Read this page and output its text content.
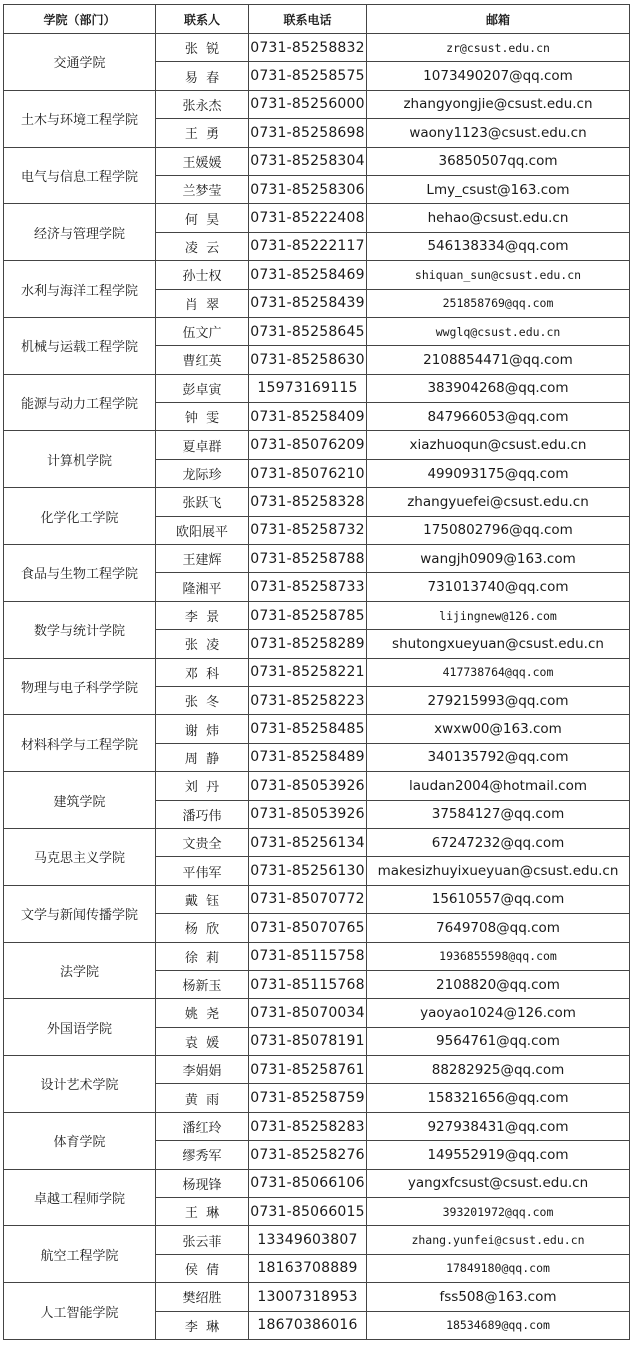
学院（部门）	联系人	联系电话	邮箱
交通学院	张  锐	0731-85258832	zr@csust.edu.cn
	易  春	0731-85258575	1073490207@qq.com
土木与环境工程学院	张永杰	0731-85256000	zhangyongjie@csust.edu.cn
	王  勇	0731-85258698	waony1123@csust.edu.cn
电气与信息工程学院	王媛媛	0731-85258304	36850507qq.com
	兰梦莹	0731-85258306	Lmy_csust@163.com
经济与管理学院	何  昊	0731-85222408	hehao@csust.edu.cn
	凌  云	0731-85222117	546138334@qq.com
水利与海洋工程学院	孙士权	0731-85258469	shiquan_sun@csust.edu.cn
	肖  翠	0731-85258439	251858769@qq.com
机械与运载工程学院	伍文广	0731-85258645	wwglq@csust.edu.cn
	曹红英	0731-85258630	2108854471@qq.com
能源与动力工程学院	彭卓寅	15973169115	383904268@qq.com
	钟  雯	0731-85258409	847966053@qq.com
计算机学院	夏卓群	0731-85076209	xiazhuoqun@csust.edu.cn
	龙际珍	0731-85076210	499093175@qq.com
化学化工学院	张跃飞	0731-85258328	zhangyuefei@csust.edu.cn
	欧阳展平	0731-85258732	1750802796@qq.com
食品与生物工程学院	王建辉	0731-85258788	wangjh0909@163.com
	隆湘平	0731-85258733	731013740@qq.com
数学与统计学院	李  景	0731-85258785	lijingnew@126.com
	张  凌	0731-85258289	shutongxueyuan@csust.edu.cn
物理与电子科学学院	邓  科	0731-85258221	417738764@qq.com
	张  冬	0731-85258223	279215993@qq.com
材料科学与工程学院	谢  炜	0731-85258485	xwxw00@163.com
	周  静	0731-85258489	340135792@qq.com
建筑学院	刘  丹	0731-85053926	laudan2004@hotmail.com
	潘巧伟	0731-85053926	37584127@qq.com
马克思主义学院	文贵全	0731-85256134	67247232@qq.com
	平伟军	0731-85256130	makesizhuyixueyuan@csust.edu.cn
文学与新闻传播学院	戴  钰	0731-85070772	15610557@qq.com
	杨  欣	0731-85070765	7649708@qq.com
法学院	徐  莉	0731-85115758	1936855598@qq.com
	杨新玉	0731-85115768	2108820@qq.com
外国语学院	姚  尧	0731-85070034	yaoyao1024@126.com
	袁  媛	0731-85078191	9564761@qq.com
设计艺术学院	李娟娟	0731-85258761	88282925@qq.com
	黄  雨	0731-85258759	158321656@qq.com
体育学院	潘红玲	0731-85258283	927938431@qq.com
	缪秀军	0731-85258276	149552919@qq.com
卓越工程师学院	杨现锋	0731-85066106	yangxfcsust@csust.edu.cn
	王  琳	0731-85066015	393201972@qq.com
航空工程学院	张云菲	13349603807	zhang.yunfei@csust.edu.cn
	侯  倩	18163708889	17849180@qq.com
人工智能学院	樊绍胜	13007318953	fss508@163.com
	李  琳	18670386016	18534689@qq.com
